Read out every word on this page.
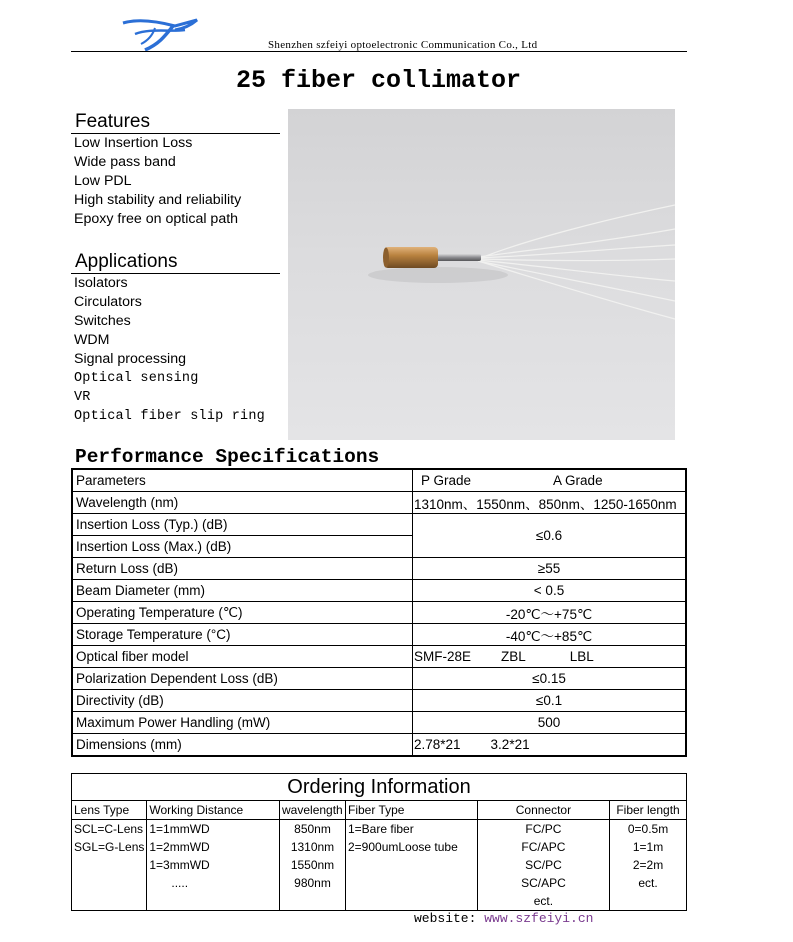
Shenzhen szfeiyi optoelectronic Communication Co., Ltd
25 fiber collimator
Features
Low Insertion Loss
Wide pass band
Low PDL
High stability and reliability
Epoxy free on optical path
Applications
Isolators
Circulators
Switches
WDM
Signal processing
Optical sensing
VR
Optical fiber slip ring
Performance Specifications
Parameters	P Grade A Grade
Wavelength (nm)	1310nm、1550nm、850nm、1250-1650nm
Insertion Loss (Typ.) (dB)	≤0.6
Insertion Loss (Max.) (dB)	
Return Loss (dB)	≥55
Beam Diameter (mm)	< 0.5
Operating Temperature (℃)	-20℃～+75℃
Storage Temperature (°C)	-40℃～+85℃
Optical fiber model	SMF-28E ZBL LBL
Polarization Dependent Loss (dB)	≤0.15
Directivity (dB)	≤0.1
Maximum Power Handling (mW)	500
Dimensions (mm)	2.78*21 3.2*21
Ordering Information
Lens Type	Working Distance	wavelength	Fiber Type	Connector	Fiber length
SCL=C-Lens	1=1mmWD	850nm	1=Bare fiber	FC/PC	0=0.5m
SGL=G-Lens	1=2mmWD	1310nm	2=900umLoose tube	FC/APC	1=1m
	1=3mmWD	1550nm		SC/PC	2=2m
	.....	980nm		SC/APC	ect.
				ect.	
website: www.szfeiyi.cn
